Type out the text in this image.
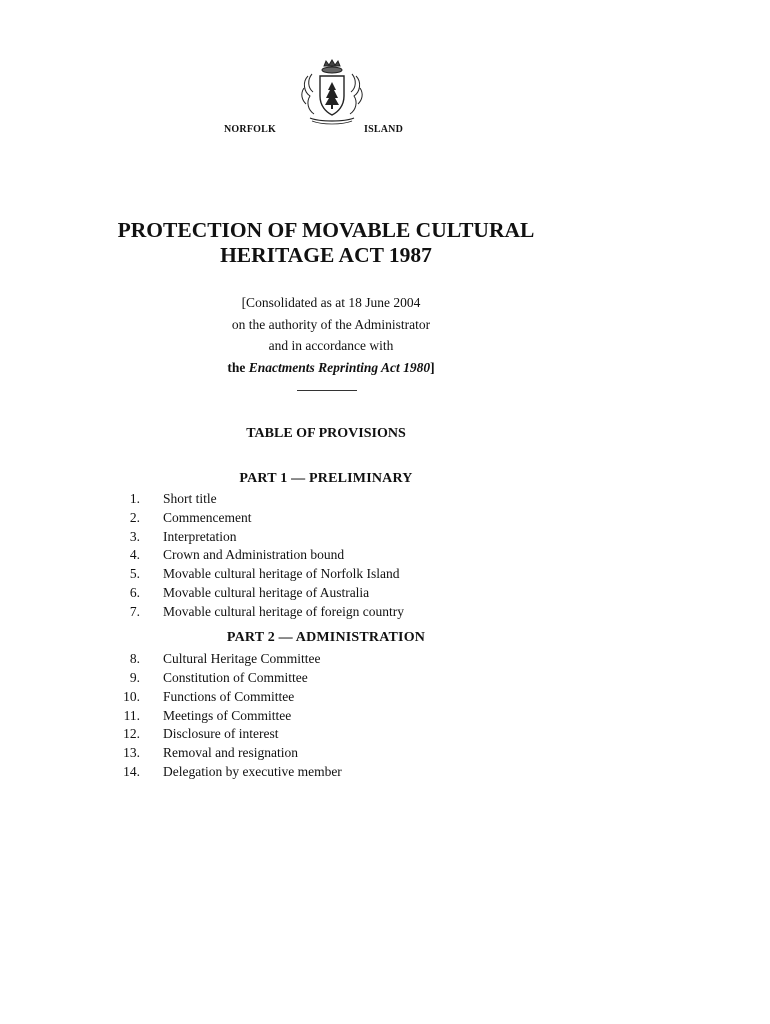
NORFOLK	ISLAND
PROTECTION OF MOVABLE CULTURAL
HERITAGE ACT 1987
[Consolidated as at 18 June 2004
on the authority of the Administrator
and in accordance with
the Enactments Reprinting Act 1980]
TABLE OF PROVISIONS
PART 1 — PRELIMINARY
1. Short title
2. Commencement
3. Interpretation
4. Crown and Administration bound
5. Movable cultural heritage of Norfolk Island
6. Movable cultural heritage of Australia
7. Movable cultural heritage of foreign country
PART 2 — ADMINISTRATION
8. Cultural Heritage Committee
9. Constitution of Committee
10. Functions of Committee
11. Meetings of Committee
12. Disclosure of interest
13. Removal and resignation
14. Delegation by executive member
